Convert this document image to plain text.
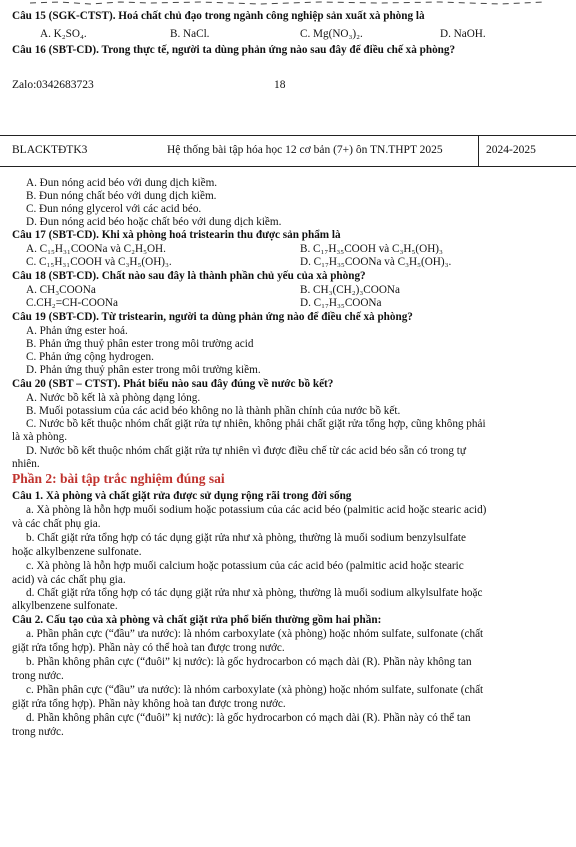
Câu 15 (SGK-CTST). Hoá chất chủ đạo trong ngành công nghiệp sản xuất xà phòng là
A. K₂SO₄.	B. NaCl.	C. Mg(NO₃)₂.	D. NaOH.
Câu 16 (SBT-CD). Trong thực tế, người ta dùng phản ứng nào sau đây để điều chế xà phòng?
Zalo:0342683723	18
BLACKTĐTK3	Hệ thống bài tập hóa học 12 cơ bản (7+) ôn TN.THPT 2025	2024-2025
A. Đun nóng acid béo với dung dịch kiềm.
B. Đun nóng chất béo với dung dịch kiềm.
C. Đun nóng glycerol với các acid béo.
D. Đun nóng acid béo hoặc chất béo với dung dịch kiềm.
Câu 17 (SBT-CD). Khi xà phòng hoá tristearin thu được sản phẩm là
A. C₁₅H₃₁COONa và C₂H₅OH.	B. C₁₇H₃₅COOH và C₃H₅(OH)₃
C. C₁₅H₃₁COOH và C₃H₅(OH)₃.	D. C₁₇H₃₅COONa và C₃H₅(OH)₃.
Câu 18 (SBT-CD). Chất nào sau đây là thành phần chủ yếu của xà phòng?
A. CH₃COONa	B. CH₃(CH₂)₃COONa
C.CH₂=CH-COONa	D. C₁₇H₃₅COONa
Câu 19 (SBT-CD). Từ tristearin, người ta dùng phản ứng nào để điều chế xà phòng?
A. Phản ứng ester hoá.
B. Phản ứng thuỷ phân ester trong môi trường acid
C. Phản ứng cộng hydrogen.
D. Phản ứng thuỷ phân ester trong môi trường kiềm.
Câu 20 (SBT – CTST). Phát biểu nào sau đây đúng về nước bồ kết?
A. Nước bồ kết là xà phòng dạng lỏng.
B. Muối potassium của các acid béo không no là thành phần chính của nước bồ kết.
C. Nước bồ kết thuộc nhóm chất giặt rửa tự nhiên, không phải chất giặt rửa tổng hợp, cũng không phải
là xà phòng.
D. Nước bồ kết thuộc nhóm chất giặt rửa tự nhiên vì được điều chế từ các acid béo sẵn có trong tự
nhiên.
Phần 2: bài tập trắc nghiệm đúng sai
Câu 1. Xà phòng và chất giặt rửa được sử dụng rộng rãi trong đời sống
a. Xà phòng là hỗn hợp muối sodium hoặc potassium của các acid béo (palmitic acid hoặc stearic acid)
và các chất phụ gia.
b. Chất giặt rửa tổng hợp có tác dụng giặt rửa như xà phòng, thường là muối sodium benzylsulfate
hoặc alkylbenzene sulfonate.
c. Xà phòng là hỗn hợp muối calcium hoặc potassium của các acid béo (palmitic acid hoặc stearic
acid) và các chất phụ gia.
d. Chất giặt rửa tổng hợp có tác dụng giặt rửa như xà phòng, thường là muối sodium alkylsulfate hoặc
alkylbenzene sulfonate.
Câu 2. Cấu tạo của xà phòng và chất giặt rửa phổ biến thường gồm hai phần:
a. Phần phân cực (“đầu” ưa nước): là nhóm carboxylate (xà phòng) hoặc nhóm sulfate, sulfonate (chất
giặt rửa tổng hợp). Phần này có thể hoà tan được trong nước.
b. Phần không phân cực (“đuôi” kị nước): là gốc hydrocarbon có mạch dài (R). Phần này không tan
trong nước.
c. Phần phân cực (“đầu” ưa nước): là nhóm carboxylate (xà phòng) hoặc nhóm sulfate, sulfonate (chất
giặt rửa tổng hợp). Phần này không hoà tan được trong nước.
d. Phần không phân cực (“đuôi” kị nước): là gốc hydrocarbon có mạch dài (R). Phần này có thể tan
trong nước.
